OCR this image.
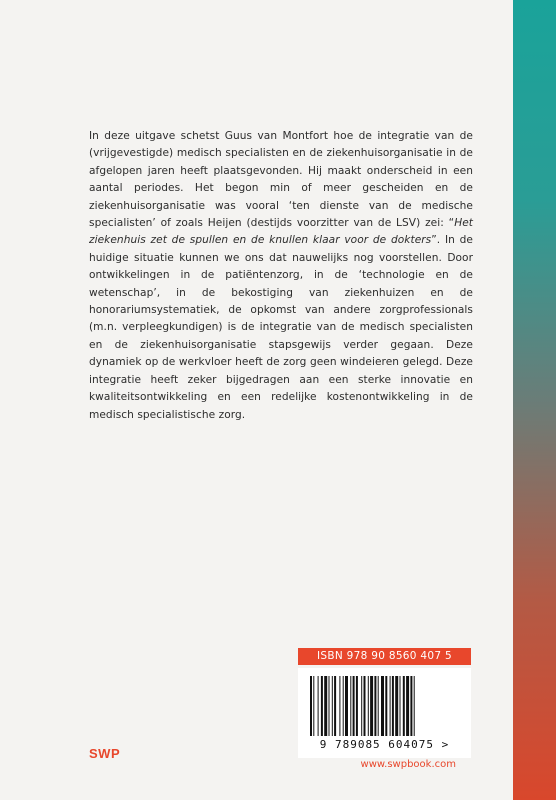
In deze uitgave schetst Guus van Montfort hoe de integratie van de (vrijgevestigde) medisch specialisten en de ziekenhuisorganisatie in de afgelopen jaren heeft plaatsgevonden. Hij maakt onderscheid in een aantal periodes. Het begon min of meer gescheiden en de ziekenhuisorganisatie was vooral ‘ten dienste van de medische specialisten’ of zoals Heijen (destijds voorzitter van de LSV) zei: “Het ziekenhuis zet de spullen en de knullen klaar voor de dokters”. In de huidige situatie kunnen we ons dat nauwelijks nog voorstellen. Door ontwikkelingen in de patiëntenzorg, in de ‘technologie en de wetenschap’, in de bekostiging van ziekenhuizen en de honorariumsystematiek, de opkomst van andere zorgprofessionals (m.n. verpleegkundigen) is de integratie van de medisch specialisten en de ziekenhuisorganisatie stapsgewijs verder gegaan. Deze dynamiek op de werkvloer heeft de zorg geen windeieren gelegd. Deze integratie heeft zeker bijgedragen aan een sterke innovatie en kwaliteitsontwikkeling en een redelijke kostenontwikkeling in de medisch specialistische zorg.

ISBN 978 90 8560 407 5
9 789085 604075 >
SWP
www.swpbook.com
